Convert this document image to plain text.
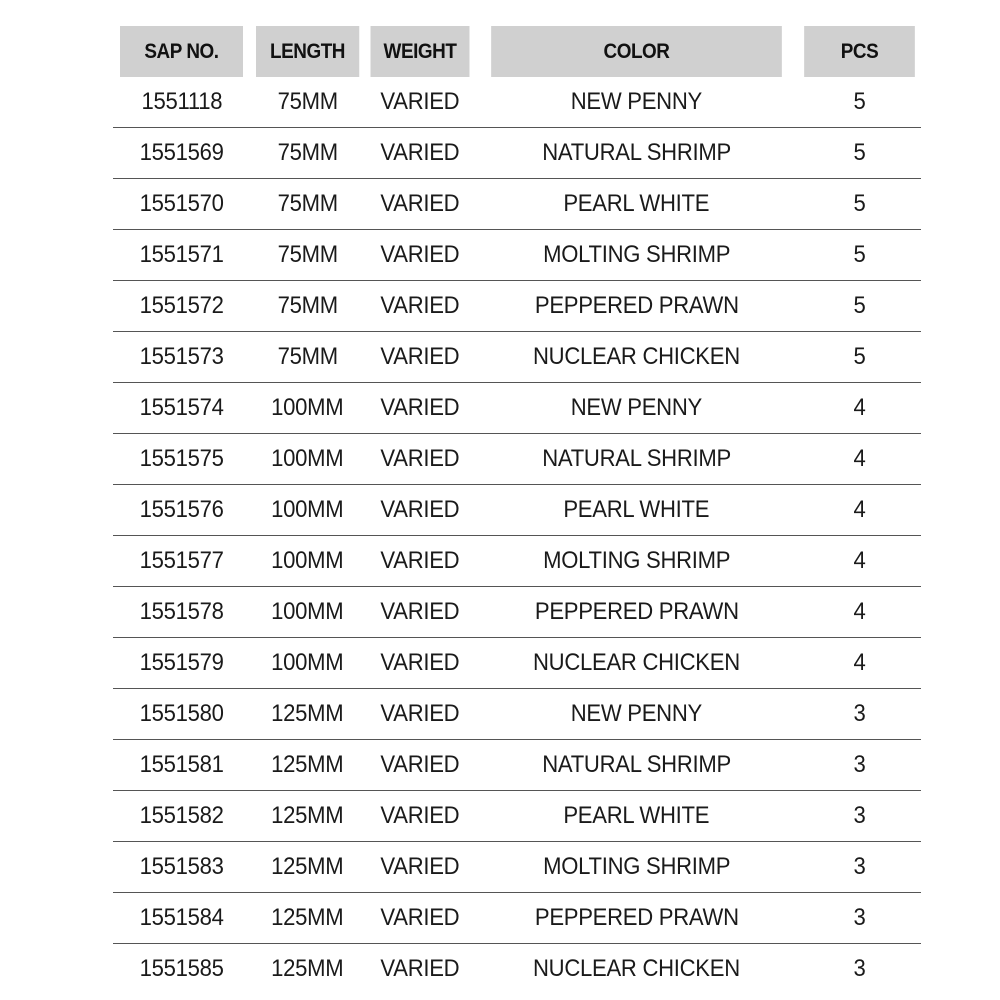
SAP NO.	LENGTH	WEIGHT	COLOR	PCS
1551118	75MM	VARIED	NEW PENNY	5
1551569	75MM	VARIED	NATURAL SHRIMP	5
1551570	75MM	VARIED	PEARL WHITE	5
1551571	75MM	VARIED	MOLTING SHRIMP	5
1551572	75MM	VARIED	PEPPERED PRAWN	5
1551573	75MM	VARIED	NUCLEAR CHICKEN	5
1551574	100MM	VARIED	NEW PENNY	4
1551575	100MM	VARIED	NATURAL SHRIMP	4
1551576	100MM	VARIED	PEARL WHITE	4
1551577	100MM	VARIED	MOLTING SHRIMP	4
1551578	100MM	VARIED	PEPPERED PRAWN	4
1551579	100MM	VARIED	NUCLEAR CHICKEN	4
1551580	125MM	VARIED	NEW PENNY	3
1551581	125MM	VARIED	NATURAL SHRIMP	3
1551582	125MM	VARIED	PEARL WHITE	3
1551583	125MM	VARIED	MOLTING SHRIMP	3
1551584	125MM	VARIED	PEPPERED PRAWN	3
1551585	125MM	VARIED	NUCLEAR CHICKEN	3
